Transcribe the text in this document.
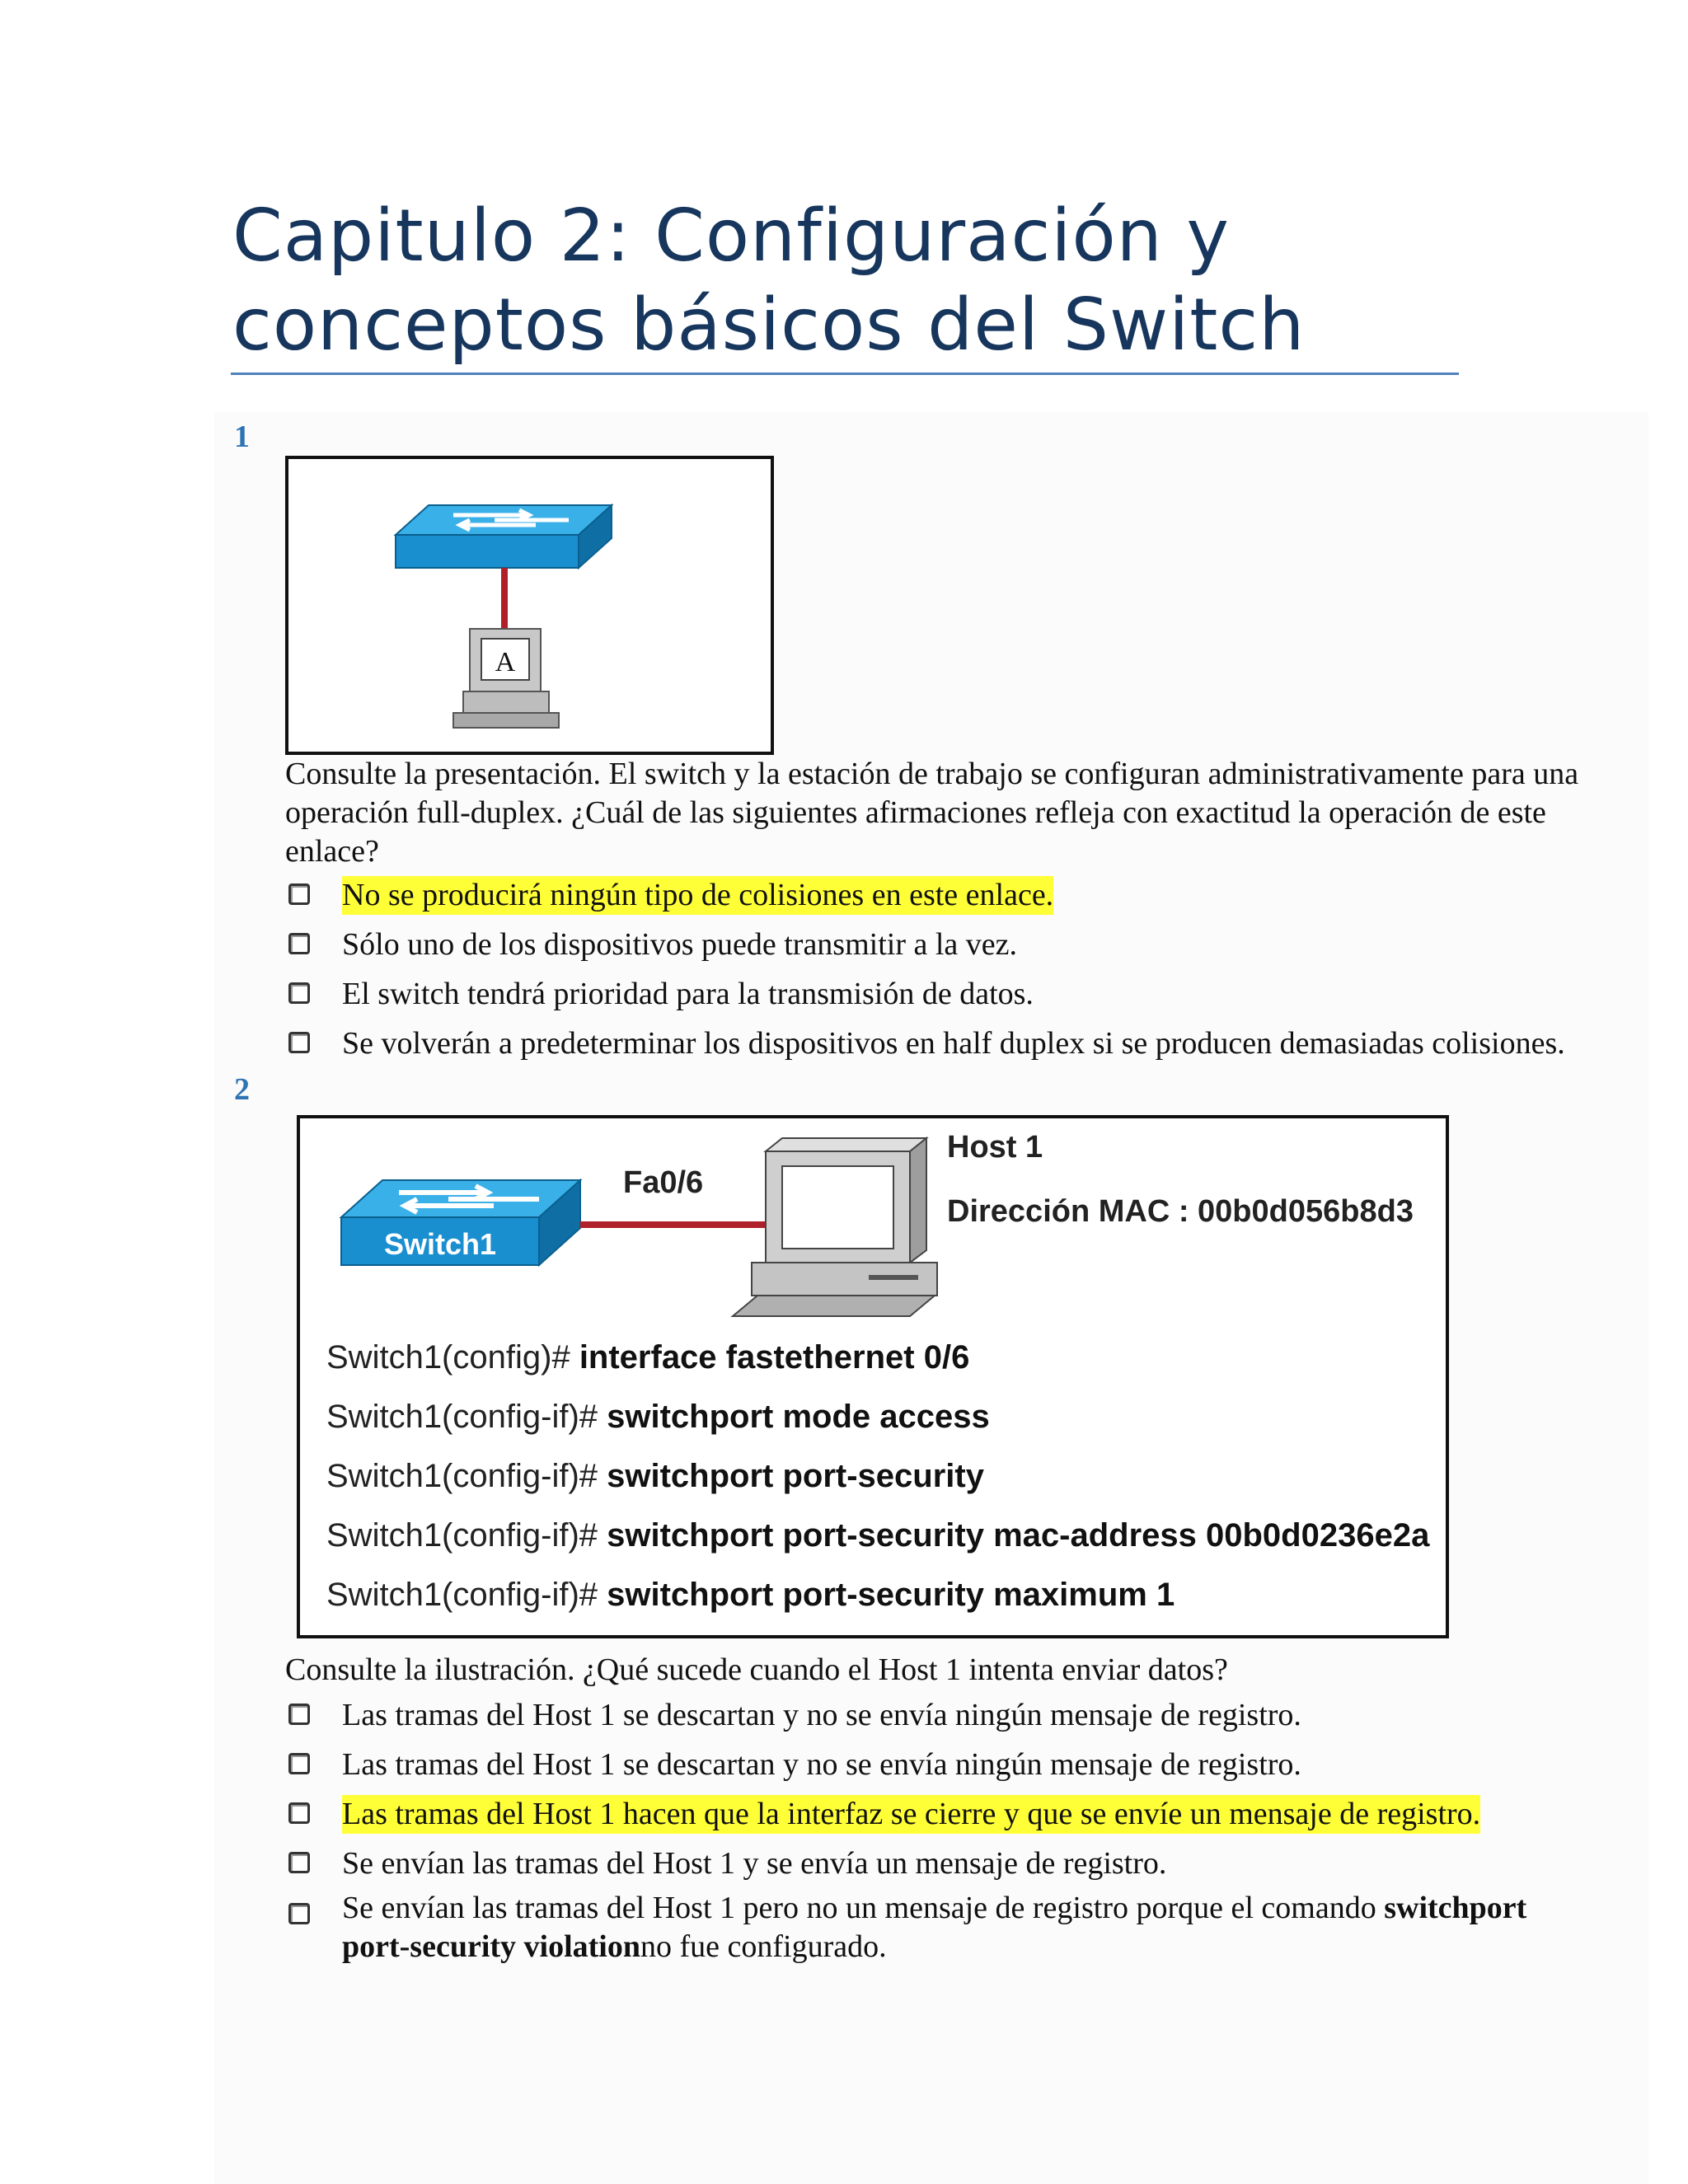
Capitulo 2: Configuración y conceptos básicos del Switch
1
A
Consulte la presentación. El switch y la estación de trabajo se configuran administrativamente para una operación full-duplex. ¿Cuál de las siguientes afirmaciones refleja con exactitud la operación de este enlace?
No se producirá ningún tipo de colisiones en este enlace.
Sólo uno de los dispositivos puede transmitir a la vez.
El switch tendrá prioridad para la transmisión de datos.
Se volverán a predeterminar los dispositivos en half duplex si se producen demasiadas colisiones.
2
Switch1
Fa0/6
Host 1
Dirección MAC : 00b0d056b8d3
Switch1(config)# interface fastethernet 0/6
Switch1(config-if)# switchport mode access
Switch1(config-if)# switchport port-security
Switch1(config-if)# switchport port-security mac-address 00b0d0236e2a
Switch1(config-if)# switchport port-security maximum 1
Consulte la ilustración. ¿Qué sucede cuando el Host 1 intenta enviar datos?
Las tramas del Host 1 se descartan y no se envía ningún mensaje de registro.
Las tramas del Host 1 se descartan y no se envía ningún mensaje de registro.
Las tramas del Host 1 hacen que la interfaz se cierre y que se envíe un mensaje de registro.
Se envían las tramas del Host 1 y se envía un mensaje de registro.
Se envían las tramas del Host 1 pero no un mensaje de registro porque el comando switchport
port-security violationno fue configurado.
